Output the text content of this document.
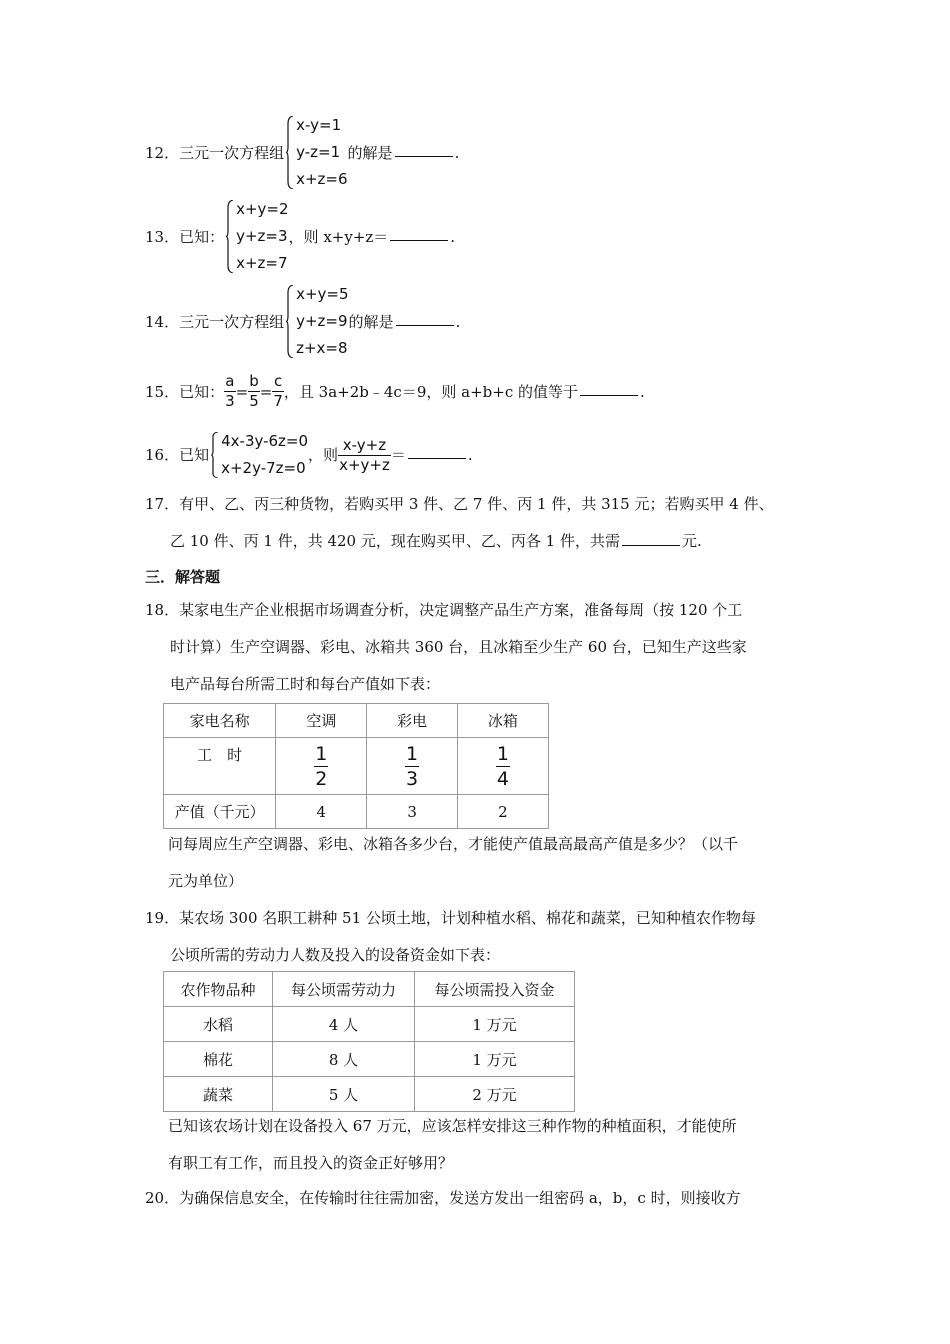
12．三元一次方程组
x-y=1
y-z=1
x+z=6
的解是	.
13．已知：
x+y=2
y+z=3
x+z=7
，则 x+y+z＝	.
14．三元一次方程组
x+y=5
y+z=9
z+x=8
的解是	.
15．已知： $\frac{a}{3} = \frac{b}{5} = \frac{c}{7}$ ，且 3a+2b﹣4c＝9，则 a+b+c 的值等于	.
16．已知
4x-3y-6z=0
x+2y-7z=0
，则 $\frac{x-y+z}{x+y+z}$ ＝	.
17．有甲、乙、丙三种货物，若购买甲 3 件、乙 7 件、丙 1 件，共 315 元；若购买甲 4 件、
乙 10 件、丙 1 件，共 420 元，现在购买甲、乙、丙各 1 件，共需	元.
三．解答题
18．某家电生产企业根据市场调查分析，决定调整产品生产方案，准备每周（按 120 个工
时计算）生产空调器、彩电、冰箱共 360 台，且冰箱至少生产 60 台，已知生产这些家
电产品每台所需工时和每台产值如下表：
家电名称	空调	彩电	冰箱
工　时	$\frac{1}{2}$	$\frac{1}{3}$	$\frac{1}{4}$

产值（千元）	4	3	2
问每周应生产空调器、彩电、冰箱各多少台，才能使产值最高最高产值是多少？（以千
元为单位）
19．某农场 300 名职工耕种 51 公顷土地，计划种植水稻、棉花和蔬菜，已知种植农作物每
公顷所需的劳动力人数及投入的设备资金如下表：
农作物品种	每公顷需劳动力	每公顷需投入资金
水稻	4 人	1 万元
棉花	8 人	1 万元
蔬菜	5 人	2 万元
已知该农场计划在设备投入 67 万元，应该怎样安排这三种作物的种植面积，才能使所
有职工有工作，而且投入的资金正好够用？
20．为确保信息安全，在传输时往往需加密，发送方发出一组密码 a，b，c 时，则接收方
